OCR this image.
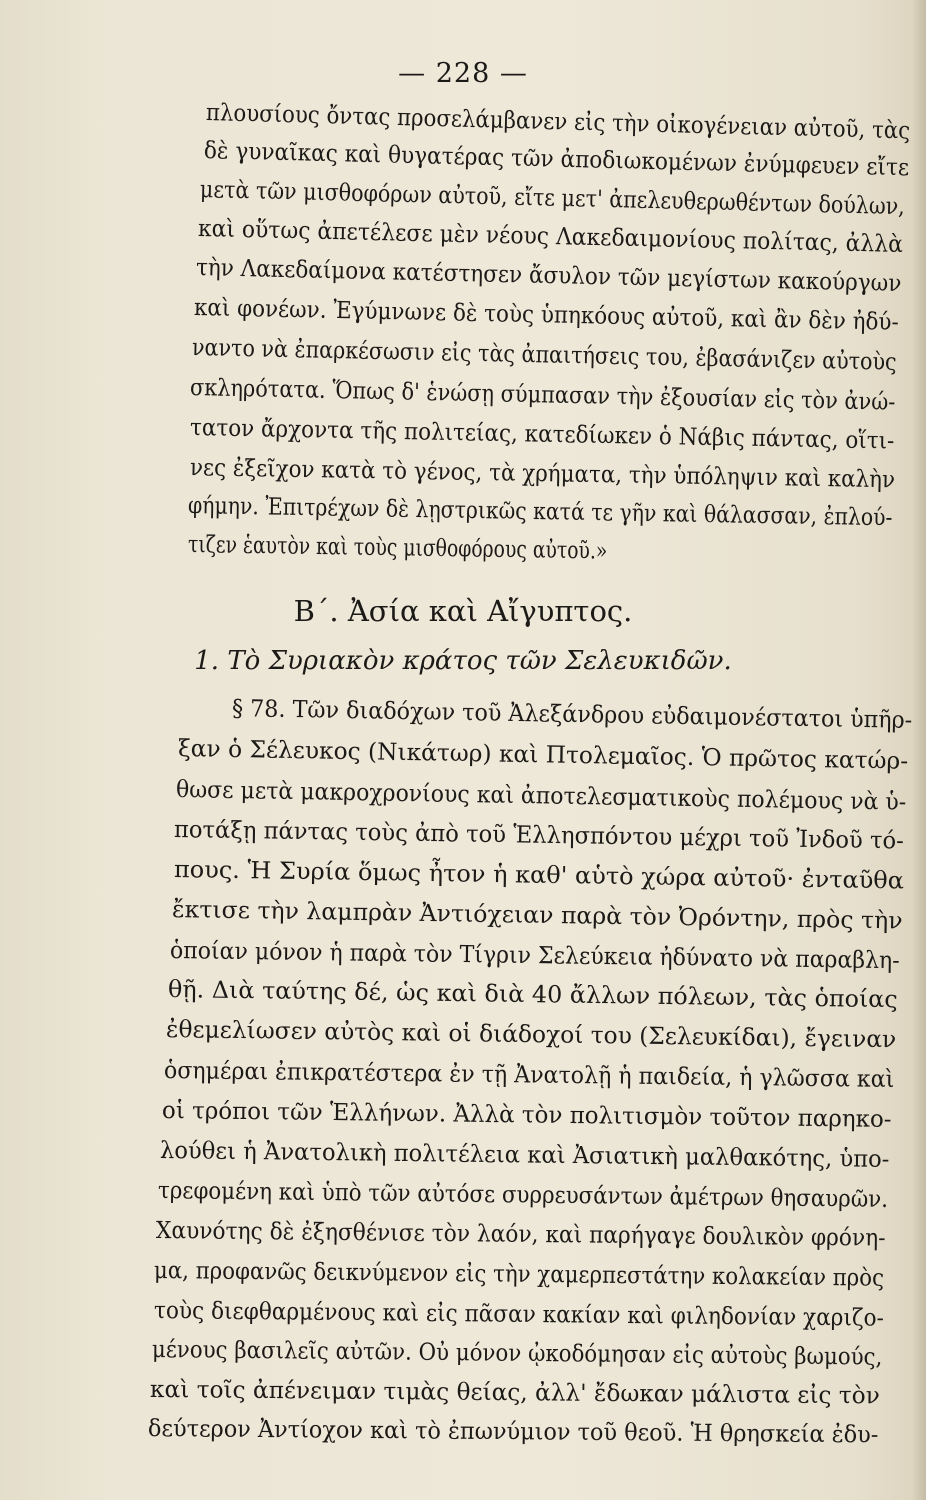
— 228 —
πλουσίους ὄντας προσελάμβανεν εἰς τὴν οἰκογένειαν αὐτοῦ, τὰς
δὲ γυναῖκας καὶ θυγατέρας τῶν ἀποδιωκομένων ἐνύμφευεν εἴτε
μετὰ τῶν μισθοφόρων αὐτοῦ, εἴτε μετ' ἀπελευθερωθέντων δούλων,
καὶ οὕτως ἀπετέλεσε μὲν νέους Λακεδαιμονίους πολίτας, ἀλλὰ
τὴν Λακεδαίμονα κατέστησεν ἄσυλον τῶν μεγίστων κακούργων
καὶ φονέων. Ἐγύμνωνε δὲ τοὺς ὑπηκόους αὐτοῦ, καὶ ἂν δὲν ἠδύ-
ναντο νὰ ἐπαρκέσωσιν εἰς τὰς ἀπαιτήσεις του, ἐβασάνιζεν αὐτοὺς
σκληρότατα. Ὅπως δ' ἑνώσῃ σύμπασαν τὴν ἐξουσίαν εἰς τὸν ἀνώ-
τατον ἄρχοντα τῆς πολιτείας, κατεδίωκεν ὁ Νάβις πάντας, οἵτι-
νες ἐξεῖχον κατὰ τὸ γένος, τὰ χρήματα, τὴν ὑπόληψιν καὶ καλὴν
φήμην. Ἐπιτρέχων δὲ λῃστρικῶς κατά τε γῆν καὶ θάλασσαν, ἐπλού-
τιζεν ἑαυτὸν καὶ τοὺς μισθοφόρους αὐτοῦ.»
Β΄. Ἀσία καὶ Αἴγυπτος.
1. Τὸ Συριακὸν κράτος τῶν Σελευκιδῶν.
§ 78. Τῶν διαδόχων τοῦ Ἀλεξάνδρου εὐδαιμονέστατοι ὑπῆρ-
ξαν ὁ Σέλευκος (Νικάτωρ) καὶ Πτολεμαῖος. Ὁ πρῶτος κατώρ-
θωσε μετὰ μακροχρονίους καὶ ἀποτελεσματικοὺς πολέμους νὰ ὑ-
ποτάξῃ πάντας τοὺς ἀπὸ τοῦ Ἑλλησπόντου μέχρι τοῦ Ἰνδοῦ τό-
πους. Ἡ Συρία ὅμως ἦτον ἡ καθ' αὑτὸ χώρα αὐτοῦ· ἐνταῦθα
ἔκτισε τὴν λαμπρὰν Ἀντιόχειαν παρὰ τὸν Ὀρόντην, πρὸς τὴν
ὁποίαν μόνον ἡ παρὰ τὸν Τίγριν Σελεύκεια ἠδύνατο νὰ παραβλη-
θῇ. Διὰ ταύτης δέ, ὡς καὶ διὰ 40 ἄλλων πόλεων, τὰς ὁποίας
ἐθεμελίωσεν αὐτὸς καὶ οἱ διάδοχοί του (Σελευκίδαι), ἔγειναν
ὁσημέραι ἐπικρατέστερα ἐν τῇ Ἀνατολῇ ἡ παιδεία, ἡ γλῶσσα καὶ
οἱ τρόποι τῶν Ἑλλήνων. Ἀλλὰ τὸν πολιτισμὸν τοῦτον παρηκο-
λούθει ἡ Ἀνατολικὴ πολιτέλεια καὶ Ἀσιατικὴ μαλθακότης, ὑπο-
τρεφομένη καὶ ὑπὸ τῶν αὐτόσε συρρευσάντων ἀμέτρων θησαυρῶν.
Χαυνότης δὲ ἐξησθένισε τὸν λαόν, καὶ παρήγαγε δουλικὸν φρόνη-
μα, προφανῶς δεικνύμενον εἰς τὴν χαμερπεστάτην κολακείαν πρὸς
τοὺς διεφθαρμένους καὶ εἰς πᾶσαν κακίαν καὶ φιληδονίαν χαριζο-
μένους βασιλεῖς αὐτῶν. Οὐ μόνον ᾠκοδόμησαν εἰς αὐτοὺς βωμούς,
καὶ τοῖς ἀπένειμαν τιμὰς θείας, ἀλλ' ἔδωκαν μάλιστα εἰς τὸν
δεύτερον Ἀντίοχον καὶ τὸ ἐπωνύμιον τοῦ θεοῦ. Ἡ θρησκεία ἐδυ-
